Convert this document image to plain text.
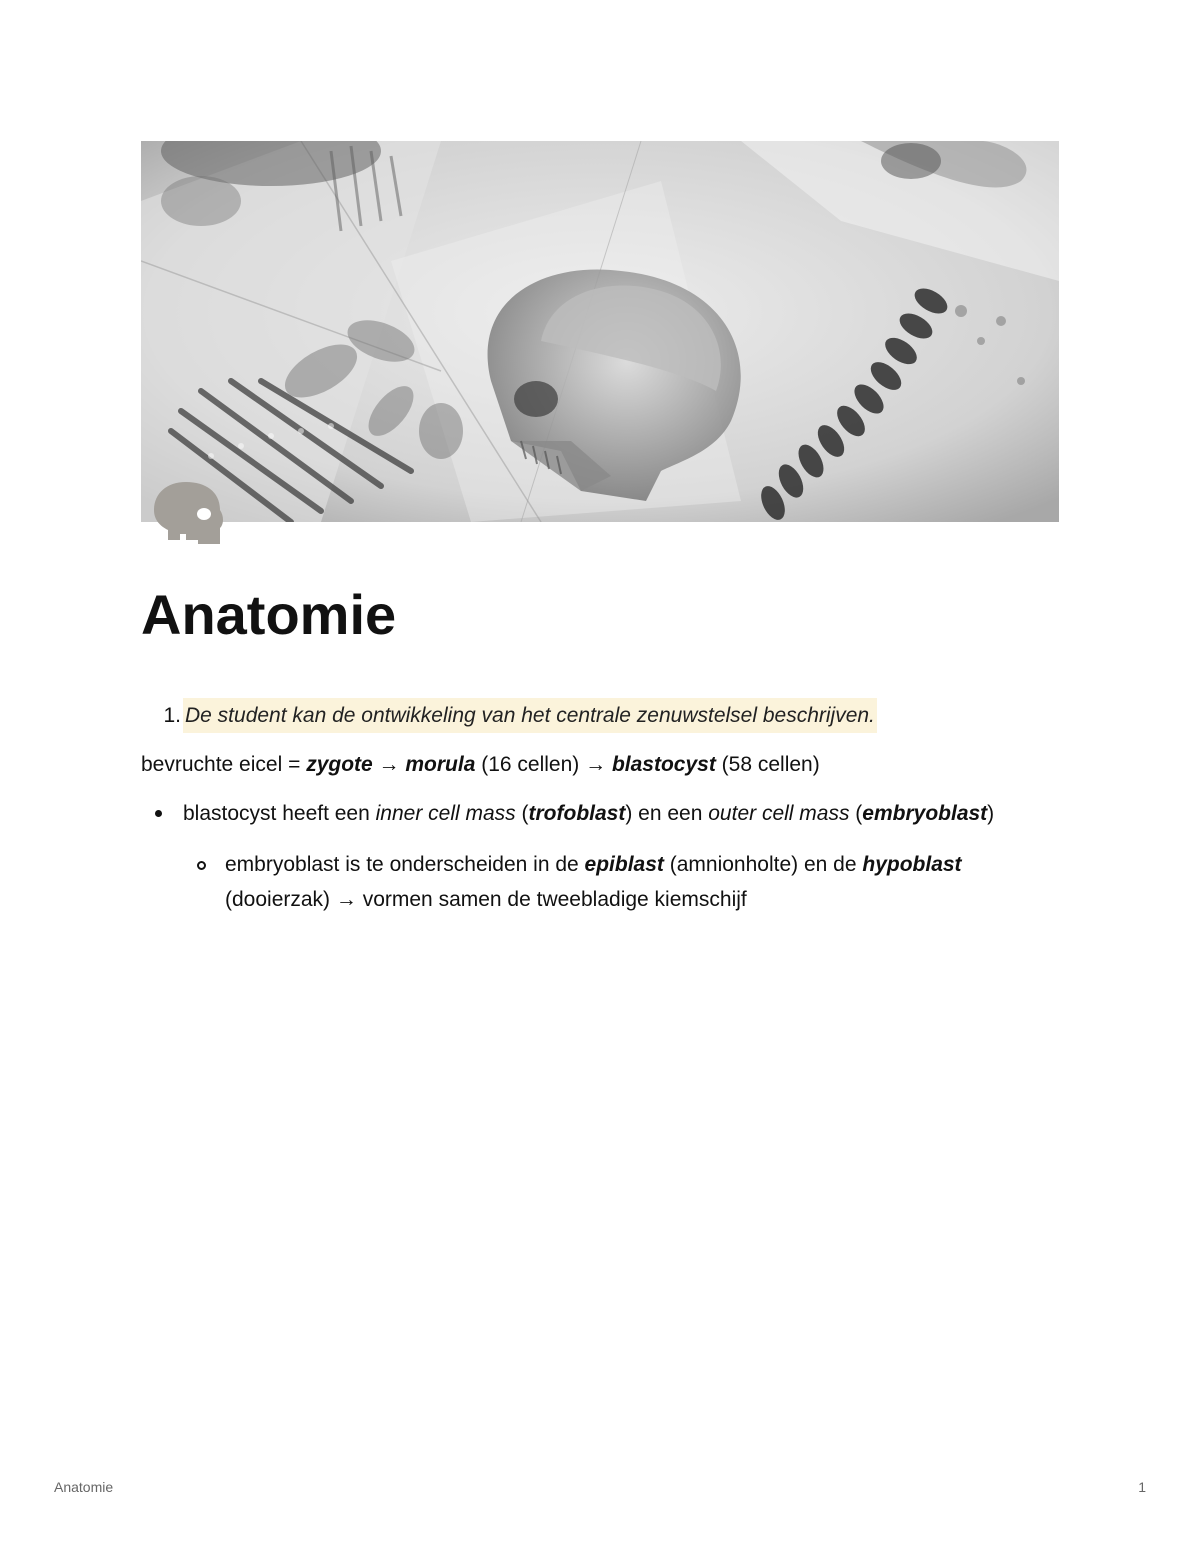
Anatomie
1. De student kan de ontwikkeling van het centrale zenuwstelsel beschrijven.

bevruchte eicel = zygote → morula (16 cellen) → blastocyst (58 cellen)

blastocyst heeft een inner cell mass (trofoblast) en een outer cell mass (embryoblast)
embryoblast is te onderscheiden in de epiblast (amnionholte) en de hypoblast (dooierzak) → vormen samen de tweebladige kiemschijf
Anatomie	1
